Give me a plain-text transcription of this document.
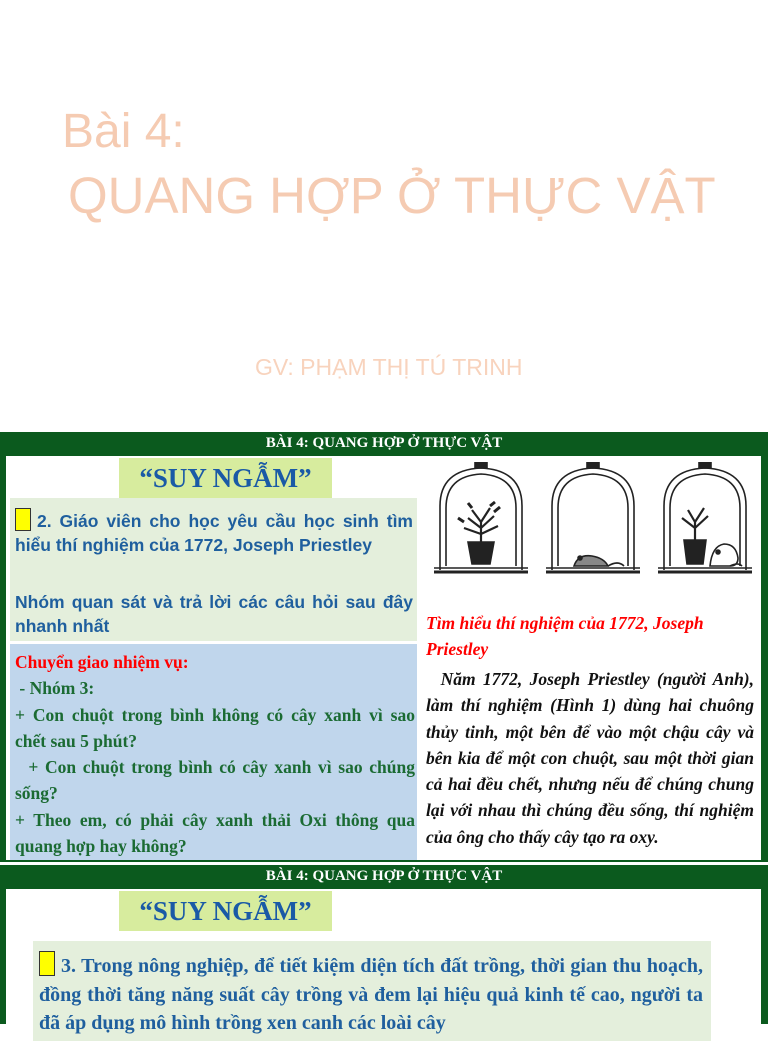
Bài 4:
QUANG HỢP Ở THỰC VẬT
GV: PHẠM THỊ TÚ TRINH
BÀI 4: QUANG HỢP Ở THỰC VẬT
“SUY NGẪM”
2. Giáo viên cho học yêu cầu học sinh tìm hiểu thí nghiệm của 1772, Joseph Priestley
Nhóm quan sát và trả lời các câu hỏi sau đây nhanh nhất
Chuyển giao nhiệm vụ:
- Nhóm 3:
+ Con chuột trong bình không có cây xanh vì sao chết sau 5 phút?
+ Con chuột trong bình có cây xanh vì sao chúng sống?
+ Theo em, có phải cây xanh thải Oxi thông qua quang hợp hay không?
Tìm hiểu thí nghiệm của 1772, Joseph Priestley
Năm 1772, Joseph Priestley (người Anh), làm thí nghiệm (Hình 1) dùng hai chuông thủy tinh, một bên để vào một chậu cây và bên kia để một con chuột, sau một thời gian cả hai đều chết, nhưng nếu để chúng chung lại với nhau thì chúng đều sống, thí nghiệm của ông cho thấy cây tạo ra oxy.
BÀI 4: QUANG HỢP Ở THỰC VẬT
“SUY NGẪM”
3. Trong nông nghiệp, để tiết kiệm diện tích đất trồng, thời gian thu hoạch, đồng thời tăng năng suất cây trồng và đem lại hiệu quả kinh tế cao, người ta đã áp dụng mô hình trồng xen canh các loài cây
